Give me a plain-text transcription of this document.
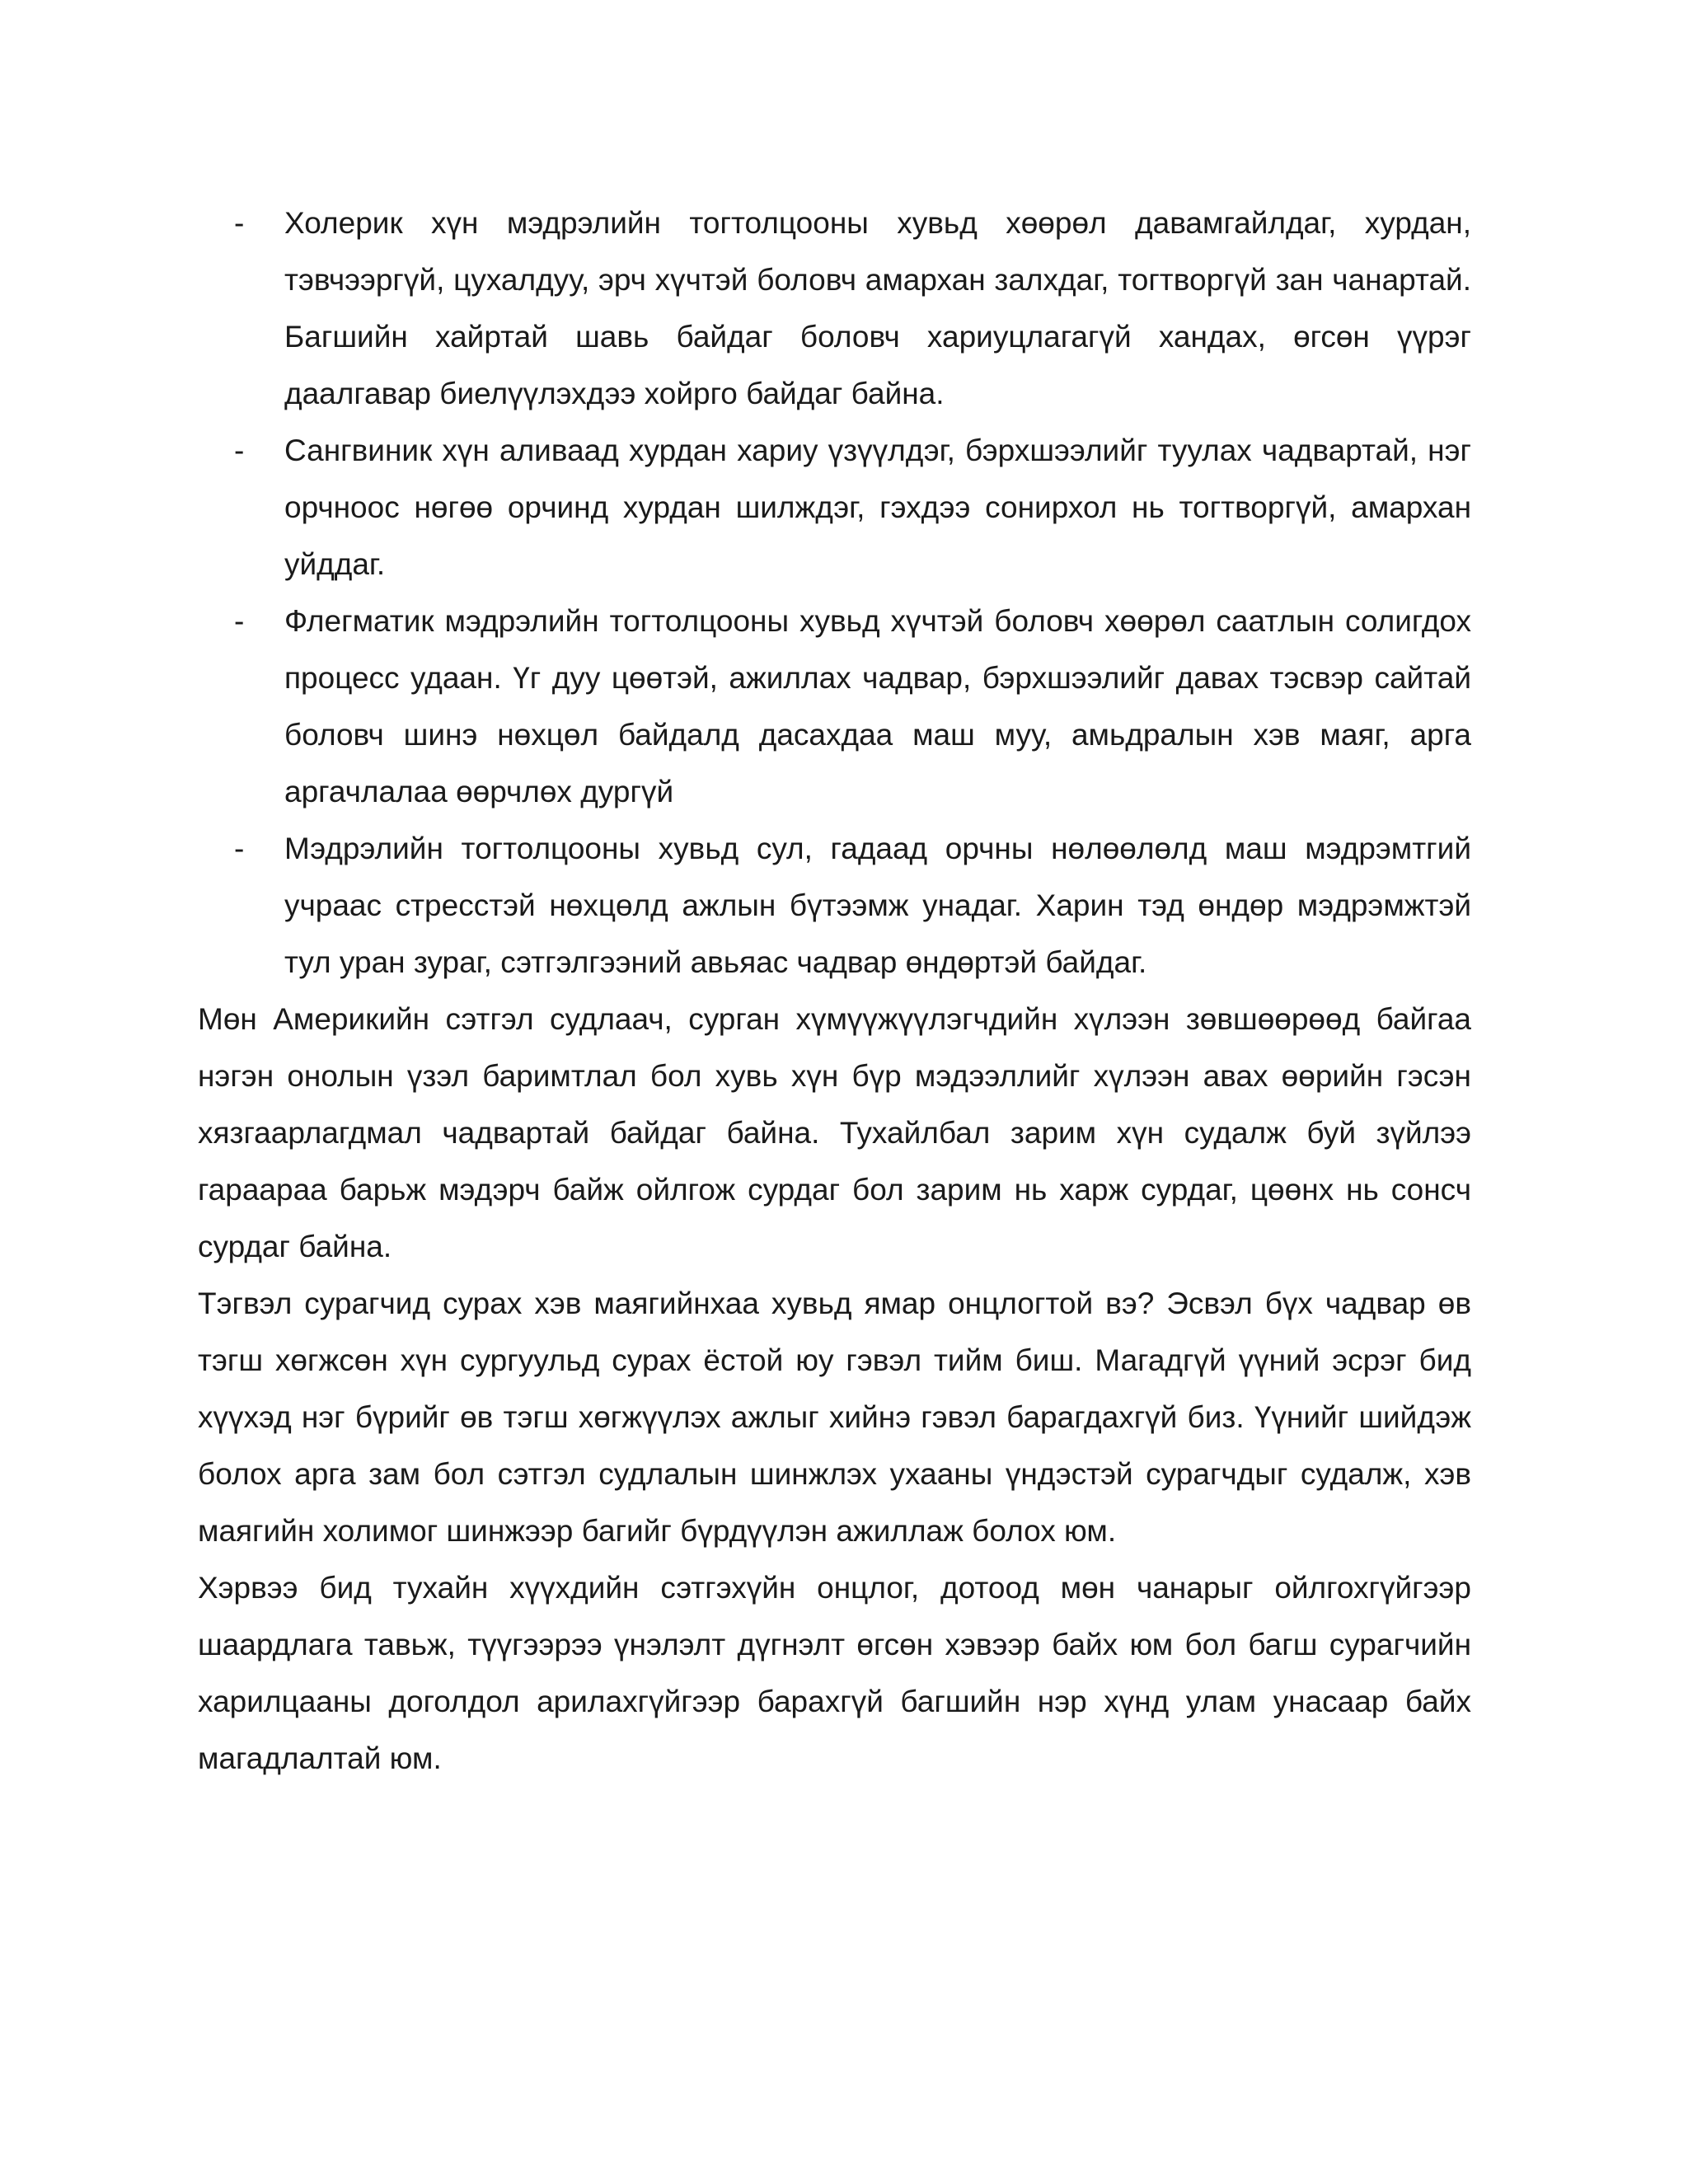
- Холерик хүн мэдрэлийн тогтолцооны хувьд хөөрөл давамгайлдаг, хурдан, тэвчээргүй, цухалдуу, эрч хүчтэй боловч амархан залхдаг, тогтворгүй зан чанартай. Багшийн хайртай шавь байдаг боловч хариуцлагагүй хандах, өгсөн үүрэг даалгавар биелүүлэхдээ хойрго байдаг байна.
- Сангвиник хүн аливаад хурдан хариу үзүүлдэг, бэрхшээлийг туулах чадвартай, нэг орчноос нөгөө орчинд хурдан шилждэг, гэхдээ сонирхол нь тогтворгүй, амархан уйддаг.
- Флегматик мэдрэлийн тогтолцооны хувьд хүчтэй боловч хөөрөл саатлын солигдох процесс удаан. Үг дуу цөөтэй, ажиллах чадвар, бэрхшээлийг давах тэсвэр сайтай боловч шинэ нөхцөл байдалд дасахдаа маш муу, амьдралын хэв маяг, арга аргачлалаа өөрчлөх дургүй
- Мэдрэлийн тогтолцооны хувьд сул, гадаад орчны нөлөөлөлд маш мэдрэмтгий учраас стресстэй нөхцөлд ажлын бүтээмж унадаг. Харин тэд өндөр мэдрэмжтэй тул уран зураг, сэтгэлгээний авьяас чадвар өндөртэй байдаг.

Мөн Америкийн сэтгэл судлаач, сурган хүмүүжүүлэгчдийн хүлээн зөвшөөрөөд байгаа нэгэн онолын үзэл баримтлал бол хувь хүн бүр мэдээллийг хүлээн авах өөрийн гэсэн хязгаарлагдмал чадвартай байдаг байна. Тухайлбал зарим хүн судалж буй зүйлээ гараараа барьж мэдэрч байж ойлгож сурдаг бол зарим нь харж сурдаг, цөөнх нь сонсч сурдаг байна.

Тэгвэл сурагчид сурах хэв маягийнхаа хувьд ямар онцлогтой вэ? Эсвэл бүх чадвар өв тэгш хөгжсөн хүн сургуульд сурах ёстой юу гэвэл тийм биш. Магадгүй үүний эсрэг бид хүүхэд нэг бүрийг өв тэгш хөгжүүлэх ажлыг хийнэ гэвэл барагдахгүй биз. Үүнийг шийдэж болох арга зам бол сэтгэл судлалын шинжлэх ухааны үндэстэй сурагчдыг судалж, хэв маягийн холимог шинжээр багийг бүрдүүлэн ажиллаж болох юм.

Хэрвээ бид тухайн хүүхдийн сэтгэхүйн онцлог, дотоод мөн чанарыг ойлгохгүйгээр шаардлага тавьж, түүгээрээ үнэлэлт дүгнэлт өгсөн хэвээр байх юм бол багш сурагчийн харилцааны доголдол арилахгүйгээр барахгүй багшийн нэр хүнд улам унасаар байх магадлалтай юм.
